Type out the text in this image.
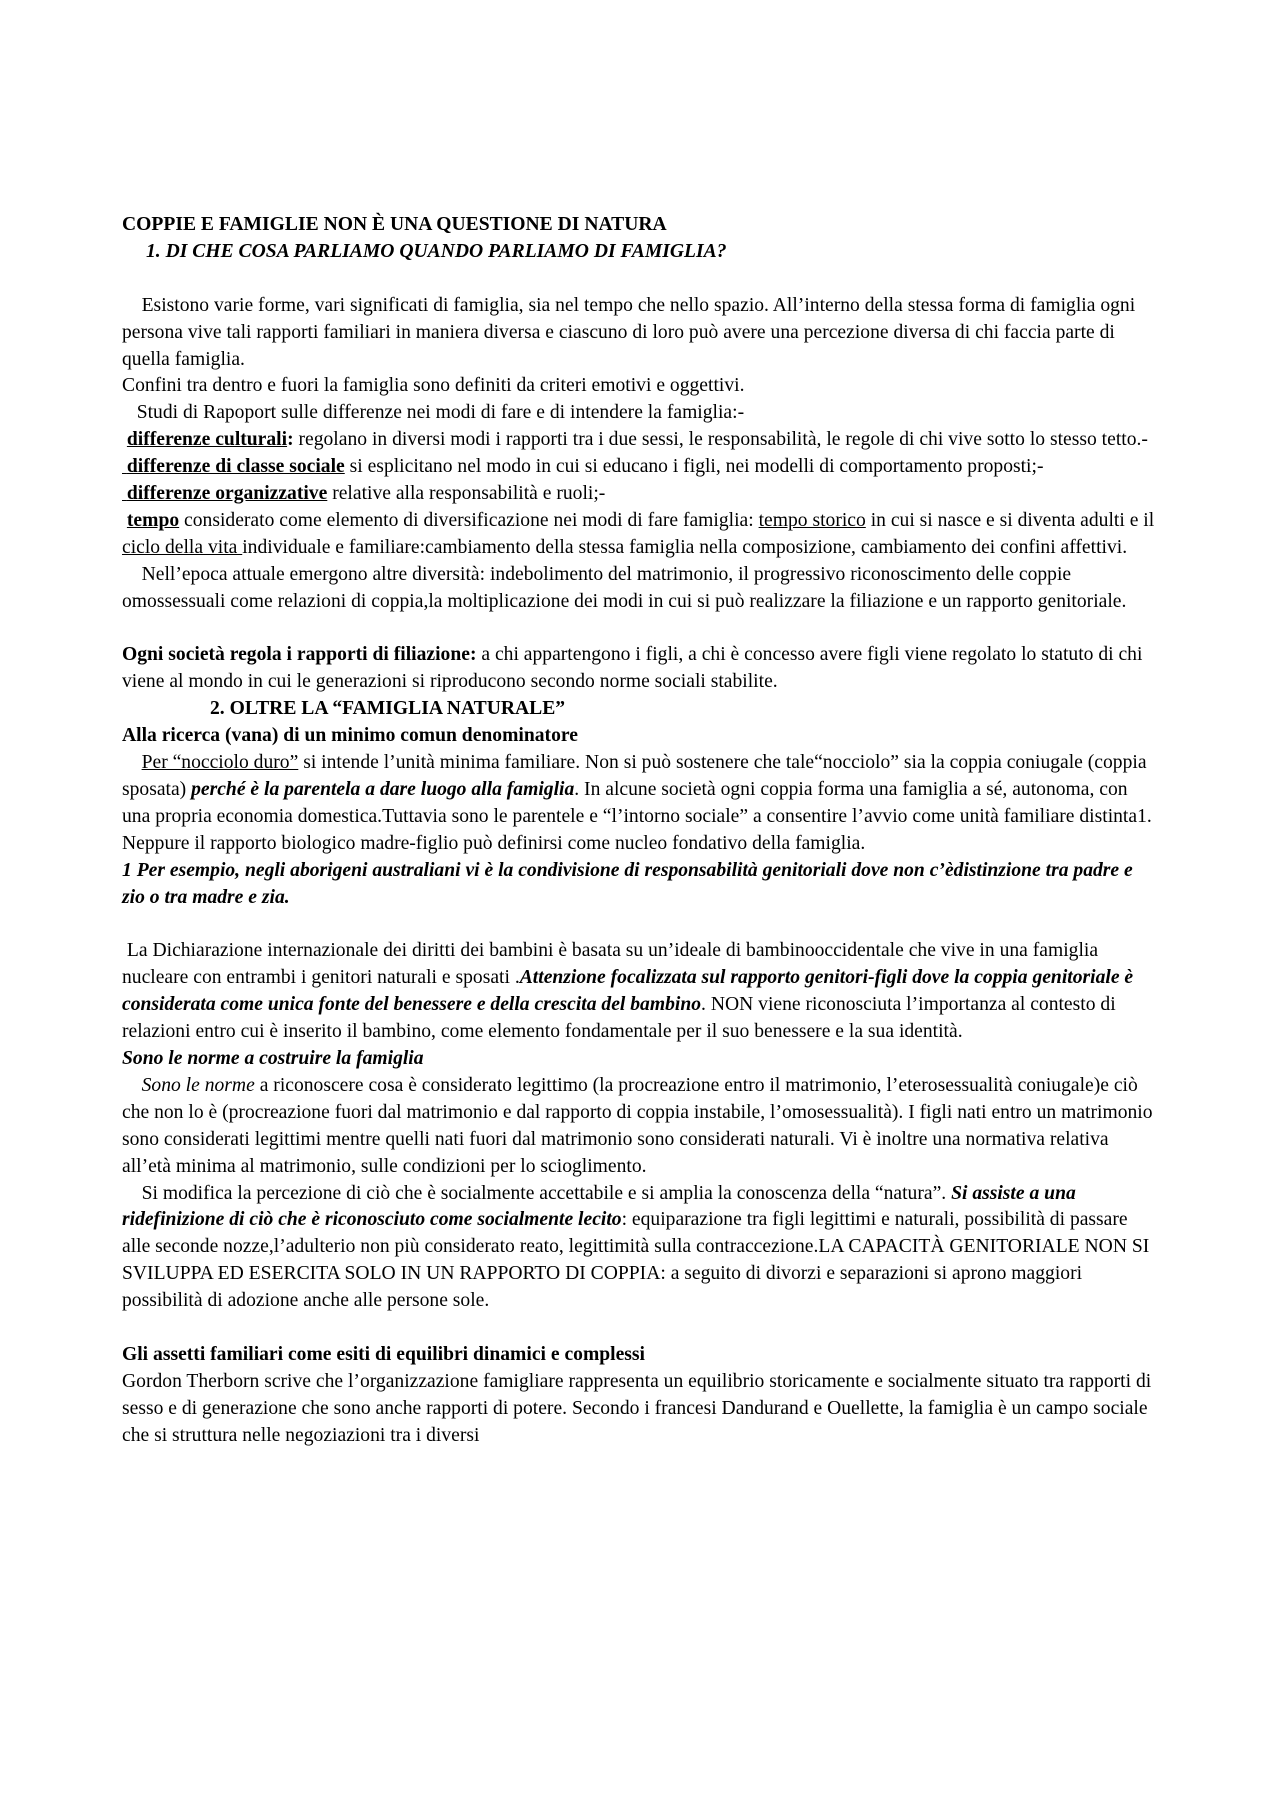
COPPIE E FAMIGLIE NON È UNA QUESTIONE DI NATURA

1. DI CHE COSA PARLIAMO QUANDO PARLIAMO DI FAMIGLIA?

Esistono varie forme, vari significati di famiglia, sia nel tempo che nello spazio. All’interno della stessa forma di famiglia ogni persona vive tali rapporti familiari in maniera diversa e ciascuno di loro può avere una percezione diversa di chi faccia parte di quella famiglia.

Confini tra dentro e fuori la famiglia sono definiti da criteri emotivi e oggettivi.

Studi di Rapoport sulle differenze nei modi di fare e di intendere la famiglia:-

differenze culturali: regolano in diversi modi i rapporti tra i due sessi, le responsabilità, le regole di chi vive sotto lo stesso tetto.-

differenze di classe sociale si esplicitano nel modo in cui si educano i figli, nei modelli di comportamento proposti;-

differenze organizzative relative alla responsabilità e ruoli;-

tempo considerato come elemento di diversificazione nei modi di fare famiglia: tempo storico in cui si nasce e si diventa adulti e il ciclo della vita individuale e familiare:cambiamento della stessa famiglia nella composizione, cambiamento dei confini affettivi.

Nell’epoca attuale emergono altre diversità: indebolimento del matrimonio, il progressivo riconoscimento delle coppie omossessuali come relazioni di coppia,la moltiplicazione dei modi in cui si può realizzare la filiazione e un rapporto genitoriale.

Ogni società regola i rapporti di filiazione: a chi appartengono i figli, a chi è concesso avere figli viene regolato lo statuto di chi viene al mondo in cui le generazioni si riproducono secondo norme sociali stabilite.

2. OLTRE LA “FAMIGLIA NATURALE”

Alla ricerca (vana) di un minimo comun denominatore

Per “nocciolo duro” si intende l’unità minima familiare. Non si può sostenere che tale“nocciolo” sia la coppia coniugale (coppia sposata) perché è la parentela a dare luogo alla famiglia. In alcune società ogni coppia forma una famiglia a sé, autonoma, con una propria economia domestica.Tuttavia sono le parentele e “l’intorno sociale” a consentire l’avvio come unità familiare distinta1. Neppure il rapporto biologico madre-figlio può definirsi come nucleo fondativo della famiglia.

1 Per esempio, negli aborigeni australiani vi è la condivisione di responsabilità genitoriali dove non c’èdistinzione tra padre e zio o tra madre e zia.

La Dichiarazione internazionale dei diritti dei bambini è basata su un’ideale di bambinooccidentale che vive in una famiglia nucleare con entrambi i genitori naturali e sposati .Attenzione focalizzata sul rapporto genitori-figli dove la coppia genitoriale è considerata come unica fonte del benessere e della crescita del bambino. NON viene riconosciuta l’importanza al contesto di relazioni entro cui è inserito il bambino, come elemento fondamentale per il suo benessere e la sua identità.

Sono le norme a costruire la famiglia

Sono le norme a riconoscere cosa è considerato legittimo (la procreazione entro il matrimonio, l’eterosessualità coniugale)e ciò che non lo è (procreazione fuori dal matrimonio e dal rapporto di coppia instabile, l’omosessualità). I figli nati entro un matrimonio sono considerati legittimi mentre quelli nati fuori dal matrimonio sono considerati naturali. Vi è inoltre una normativa relativa all’età minima al matrimonio, sulle condizioni per lo scioglimento.

Si modifica la percezione di ciò che è socialmente accettabile e si amplia la conoscenza della “natura”. Si assiste a una ridefinizione di ciò che è riconosciuto come socialmente lecito: equiparazione tra figli legittimi e naturali, possibilità di passare alle seconde nozze,l’adulterio non più considerato reato, legittimità sulla contraccezione.LA CAPACITÀ GENITORIALE NON SI SVILUPPA ED ESERCITA SOLO IN UN RAPPORTO DI COPPIA: a seguito di divorzi e separazioni si aprono maggiori possibilità di adozione anche alle persone sole.

Gli assetti familiari come esiti di equilibri dinamici e complessi

Gordon Therborn scrive che l’organizzazione famigliare rappresenta un equilibrio storicamente e socialmente situato tra rapporti di sesso e di generazione che sono anche rapporti di potere. Secondo i francesi Dandurand e Ouellette, la famiglia è un campo sociale che si struttura nelle negoziazioni tra i diversi
